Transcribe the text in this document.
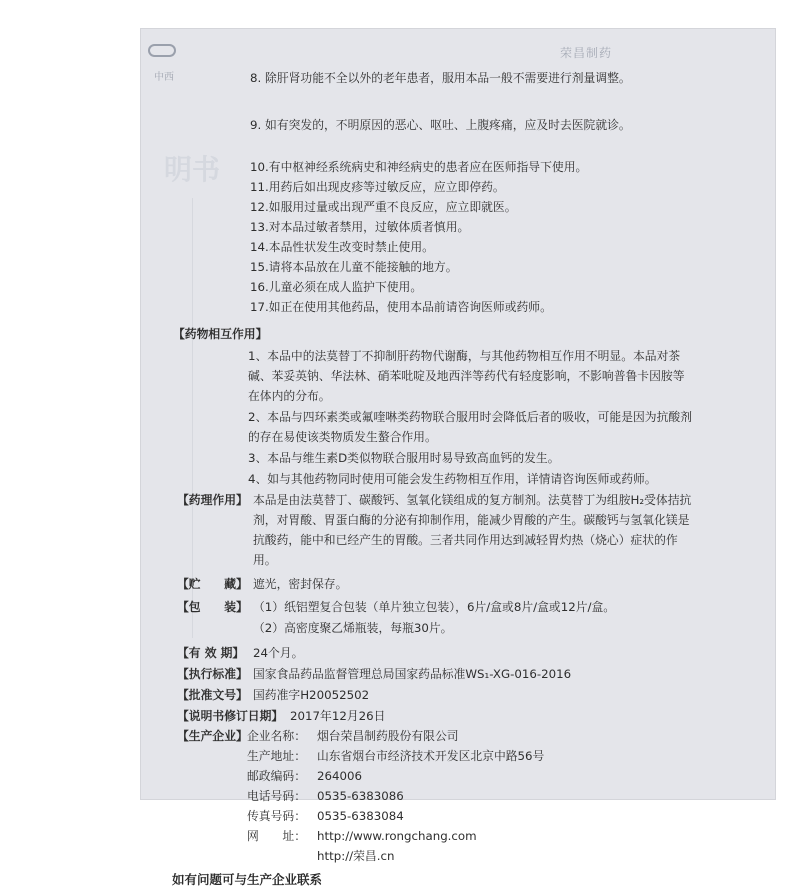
中西
荣昌制药
明书
8. 除肝肾功能不全以外的老年患者，服用本品一般不需要进行剂量调整。
9. 如有突发的，不明原因的恶心、呕吐、上腹疼痛，应及时去医院就诊。
10.有中枢神经系统病史和神经病史的患者应在医师指导下使用。
11.用药后如出现皮疹等过敏反应，应立即停药。
12.如服用过量或出现严重不良反应，应立即就医。
13.对本品过敏者禁用，过敏体质者慎用。
14.本品性状发生改变时禁止使用。
15.请将本品放在儿童不能接触的地方。
16.儿童必须在成人监护下使用。
17.如正在使用其他药品，使用本品前请咨询医师或药师。
【药物相互作用】
1、本品中的法莫替丁不抑制肝药物代谢酶，与其他药物相互作用不明显。本品对茶碱、苯妥英钠、华法林、硝苯吡啶及地西泮等药代有轻度影响，不影响普鲁卡因胺等在体内的分布。
2、本品与四环素类或氟喹啉类药物联合服用时会降低后者的吸收，可能是因为抗酸剂的存在易使该类物质发生螯合作用。
3、本品与维生素D类似物联合服用时易导致高血钙的发生。
4、如与其他药物同时使用可能会发生药物相互作用，详情请咨询医师或药师。
【药理作用】 本品是由法莫替丁、碳酸钙、氢氧化镁组成的复方制剂。法莫替丁为组胺H₂受体拮抗剂，对胃酸、胃蛋白酶的分泌有抑制作用，能减少胃酸的产生。碳酸钙与氢氧化镁是抗酸药，能中和已经产生的胃酸。三者共同作用达到减轻胃灼热（烧心）症状的作用。
【贮　　藏】 遮光，密封保存。
【包　　装】 （1）纸铝塑复合包装（单片独立包装），6片/盒或8片/盒或12片/盒。
（2）高密度聚乙烯瓶装，每瓶30片。
【有 效 期】 24个月。
【执行标准】 国家食品药品监督管理总局国家药品标准WS₁-XG-016-2016
【批准文号】 国药准字H20052502
【说明书修订日期】 2017年12月26日
【生产企业】 企业名称： 烟台荣昌制药股份有限公司
生产地址： 山东省烟台市经济技术开发区北京中路56号
邮政编码： 264006
电话号码： 0535-6383086
传真号码： 0535-6383084
网　　址： http://www.rongchang.com
http://荣昌.cn
如有问题可与生产企业联系
